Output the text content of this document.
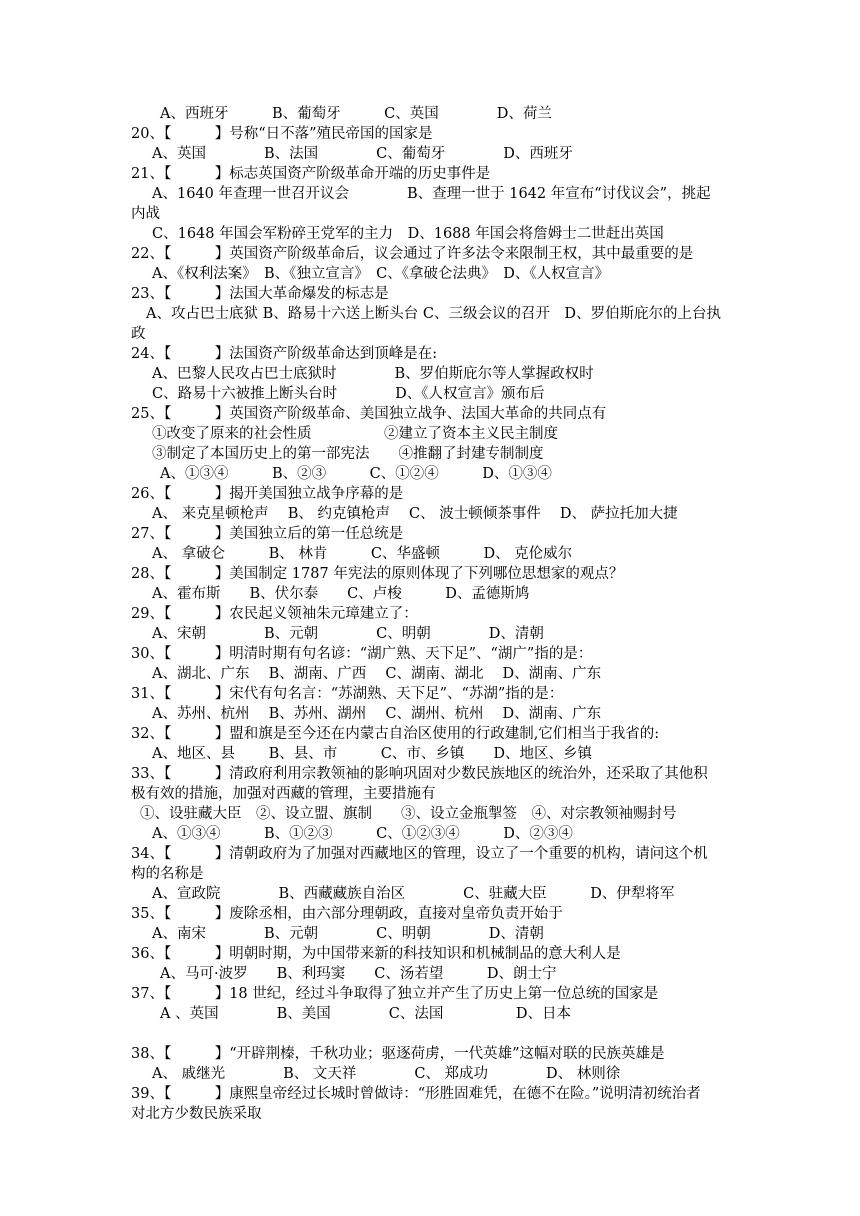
A、西班牙　　　B、葡萄牙　　　C、英国　　　　D、荷兰
20、【　　　】号称“日不落”殖民帝国的国家是
A、英国　　　　B、法国　　　　C、葡萄牙　　　　D、西班牙
21、【　　　】标志英国资产阶级革命开端的历史事件是
A、1640 年查理一世召开议会　　　　B、查理一世于 1642 年宣布“讨伐议会”，挑起
内战
C、1648 年国会军粉碎王党军的主力　D、1688 年国会将詹姆士二世赶出英国
22、【　　　】英国资产阶级革命后，议会通过了许多法令来限制王权，其中最重要的是
A、《权利法案》　B、《独立宣言》　C、《拿破仑法典》　D、《人权宣言》
23、【　　　】法国大革命爆发的标志是
A、攻占巴士底狱 B、路易十六送上断头台 C、三级会议的召开　D、罗伯斯庇尔的上台执
政
24、【　　　】法国资产阶级革命达到顶峰是在:
A、巴黎人民攻占巴士底狱时　　　　B、罗伯斯庇尔等人掌握政权时
C、路易十六被推上断头台时　　　　D、《人权宣言》颁布后
25、【　　　】英国资产阶级革命、美国独立战争、法国大革命的共同点有
①改变了原来的社会性质　　　　　②建立了资本主义民主制度
③制定了本国历史上的第一部宪法　　④推翻了封建专制制度
A、①③④　　　B、②③　　　C、①②④　　　D、①③④
26、【　　　】揭开美国独立战争序幕的是
A、 来克星顿枪声　 B、 约克镇枪声　 C、 波士顿倾茶事件　 D、 萨拉托加大捷
27、【　　　】美国独立后的第一任总统是
A、 拿破仑　　　B、 林肯　　　C、华盛顿　　　D、 克伦威尔
28、【　　　】美国制定 1787 年宪法的原则体现了下列哪位思想家的观点？
A、霍布斯　　B、伏尔泰　　C、卢梭　　　D、孟德斯鸠
29、【　　　】农民起义领袖朱元璋建立了：
A、宋朝　　　　B、元朝　　　　C、明朝　　　　D、清朝
30、【　　　】明清时期有句名谚：“湖广熟、天下足”、“湖广”指的是：
A、湖北、广东　 B、湖南、广西　 C、湖南、湖北　 D、湖南、广东
31、【　　　】宋代有句名言：“苏湖熟、天下足”、“苏湖”指的是：
A、苏州、杭州　 B、苏州、湖州　 C、湖州、杭州　 D、湖南、广东
32、【　　　】盟和旗是至今还在内蒙古自治区使用的行政建制,它们相当于我省的:
A、地区、县　　 B、县、市　　　C、市、乡镇　　D、地区、乡镇
33、【　　　】清政府利用宗教领袖的影响巩固对少数民族地区的统治外，还采取了其他积
极有效的措施，加强对西藏的管理，主要措施有
①、设驻藏大臣　②、设立盟、旗制　　③、设立金瓶掣签　④、对宗教领袖赐封号
A、①③④　　　B、①②③　　　C、①②③④　　　D、②③④
34、【　　　】清朝政府为了加强对西藏地区的管理，设立了一个重要的机构，请问这个机
构的名称是
A、宣政院　　　　B、西藏藏族自治区　　　　C、驻藏大臣　　　D、伊犁将军
35、【　　　】废除丞相，由六部分理朝政，直接对皇帝负责开始于
A、南宋　　　　B、元朝　　　　C、明朝　　　　D、清朝
36、【　　　】明朝时期，为中国带来新的科技知识和机械制品的意大利人是
A、马可·波罗　　B、利玛窦　　C、汤若望　　　D、朗士宁
37、【　　　】18 世纪，经过斗争取得了独立并产生了历史上第一位总统的国家是
A 、英国　　　　B、美国　　　　C、法国　　　　　D、日本
38、【　　　】“开辟荆榛，千秋功业；驱逐荷虏，一代英雄”这幅对联的民族英雄是
A、 戚继光　　　　B、 文天祥　　　　C、 郑成功　　　　D、 林则徐
39、【　　　】康熙皇帝经过长城时曾做诗：“形胜固难凭，在德不在险。”说明清初统治者
对北方少数民族采取
